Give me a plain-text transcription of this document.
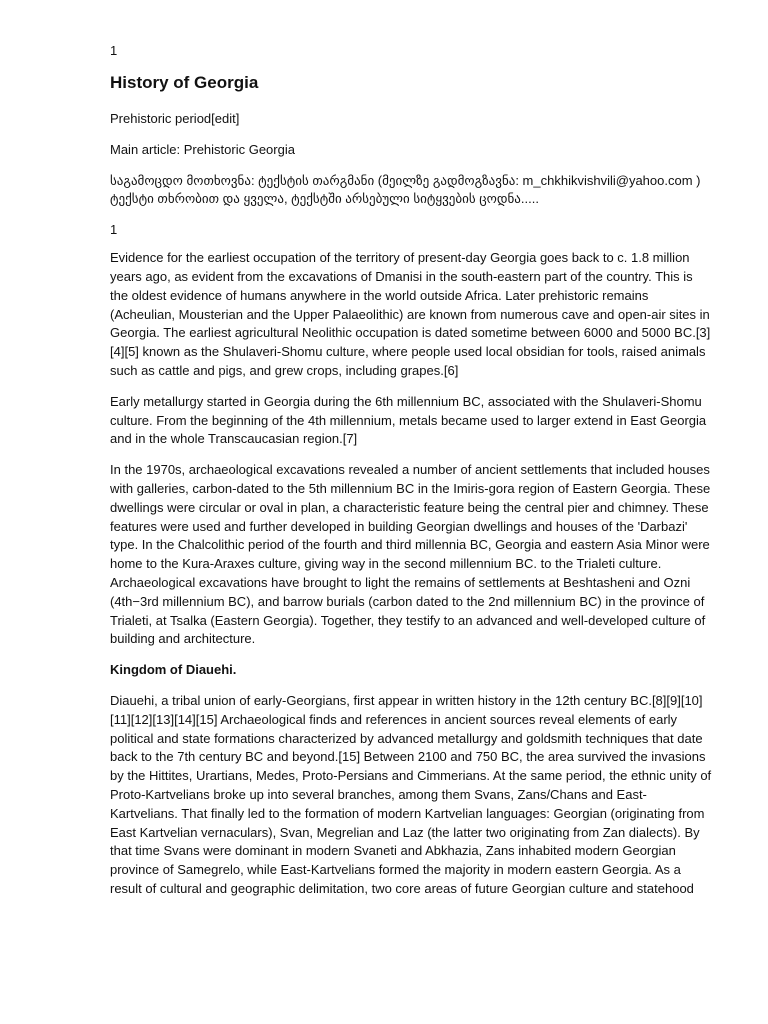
1
History of Georgia

Prehistoric period[edit]

Main article: Prehistoric Georgia

საგამოცდო მოთხოვნა: ტექსტის თარგმანი (მეილზე გადმოგზავნა: m_chkhikvishvili@yahoo.com ) ტექსტი თხრობით და ყველა, ტექსტში არსებული სიტყვების ცოდნა.....

1

Evidence for the earliest occupation of the territory of present-day Georgia goes back to c. 1.8 million years ago, as evident from the excavations of Dmanisi in the south-eastern part of the country. This is the oldest evidence of humans anywhere in the world outside Africa. Later prehistoric remains (Acheulian, Mousterian and the Upper Palaeolithic) are known from numerous cave and open-air sites in Georgia. The earliest agricultural Neolithic occupation is dated sometime between 6000 and 5000 BC.[3][4][5] known as the Shulaveri-Shomu culture, where people used local obsidian for tools, raised animals such as cattle and pigs, and grew crops, including grapes.[6]

Early metallurgy started in Georgia during the 6th millennium BC, associated with the Shulaveri-Shomu culture. From the beginning of the 4th millennium, metals became used to larger extend in East Georgia and in the whole Transcaucasian region.[7]

In the 1970s, archaeological excavations revealed a number of ancient settlements that included houses with galleries, carbon-dated to the 5th millennium BC in the Imiris-gora region of Eastern Georgia. These dwellings were circular or oval in plan, a characteristic feature being the central pier and chimney. These features were used and further developed in building Georgian dwellings and houses of the 'Darbazi' type. In the Chalcolithic period of the fourth and third millennia BC, Georgia and eastern Asia Minor were home to the Kura-Araxes culture, giving way in the second millennium BC. to the Trialeti culture. Archaeological excavations have brought to light the remains of settlements at Beshtasheni and Ozni (4th−3rd millennium BC), and barrow burials (carbon dated to the 2nd millennium BC) in the province of Trialeti, at Tsalka (Eastern Georgia). Together, they testify to an advanced and well-developed culture of building and architecture.

Kingdom of Diauehi.

Diauehi, a tribal union of early-Georgians, first appear in written history in the 12th century BC.[8][9][10][11][12][13][14][15] Archaeological finds and references in ancient sources reveal elements of early political and state formations characterized by advanced metallurgy and goldsmith techniques that date back to the 7th century BC and beyond.[15] Between 2100 and 750 BC, the area survived the invasions by the Hittites, Urartians, Medes, Proto-Persians and Cimmerians. At the same period, the ethnic unity of Proto-Kartvelians broke up into several branches, among them Svans, Zans/Chans and East-Kartvelians. That finally led to the formation of modern Kartvelian languages: Georgian (originating from East Kartvelian vernaculars), Svan, Megrelian and Laz (the latter two originating from Zan dialects). By that time Svans were dominant in modern Svaneti and Abkhazia, Zans inhabited modern Georgian province of Samegrelo, while East-Kartvelians formed the majority in modern eastern Georgia. As a result of cultural and geographic delimitation, two core areas of future Georgian culture and statehood
